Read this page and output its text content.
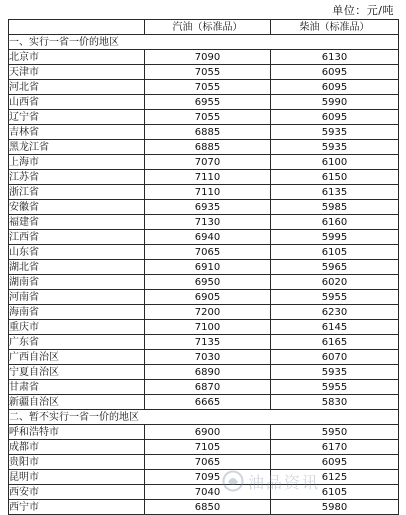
单位：元/吨
	汽油（标准品）	柴油（标准品）
一、实行一省一价的地区		
北京市	7090	6130
天津市	7055	6095
河北省	7055	6095
山西省	6955	5990
辽宁省	7055	6095
吉林省	6885	5935
黑龙江省	6885	5935
上海市	7070	6100
江苏省	7110	6150
浙江省	7110	6135
安徽省	6935	5985
福建省	7130	6160
江西省	6940	5995
山东省	7065	6105
湖北省	6910	5965
湖南省	6950	6020
河南省	6905	5955
海南省	7200	6230
重庆市	7100	6145
广东省	7135	6165
广西自治区	7030	6070
宁夏自治区	6890	5935
甘肃省	6870	5955
新疆自治区	6665	5830
二、暂不实行一省一价的地区		
呼和浩特市	6900	5950
成都市	7105	6170
贵阳市	7065	6095
昆明市	7095	6125
西安市	7040	6105
西宁市	6850	5980
油品资讯
